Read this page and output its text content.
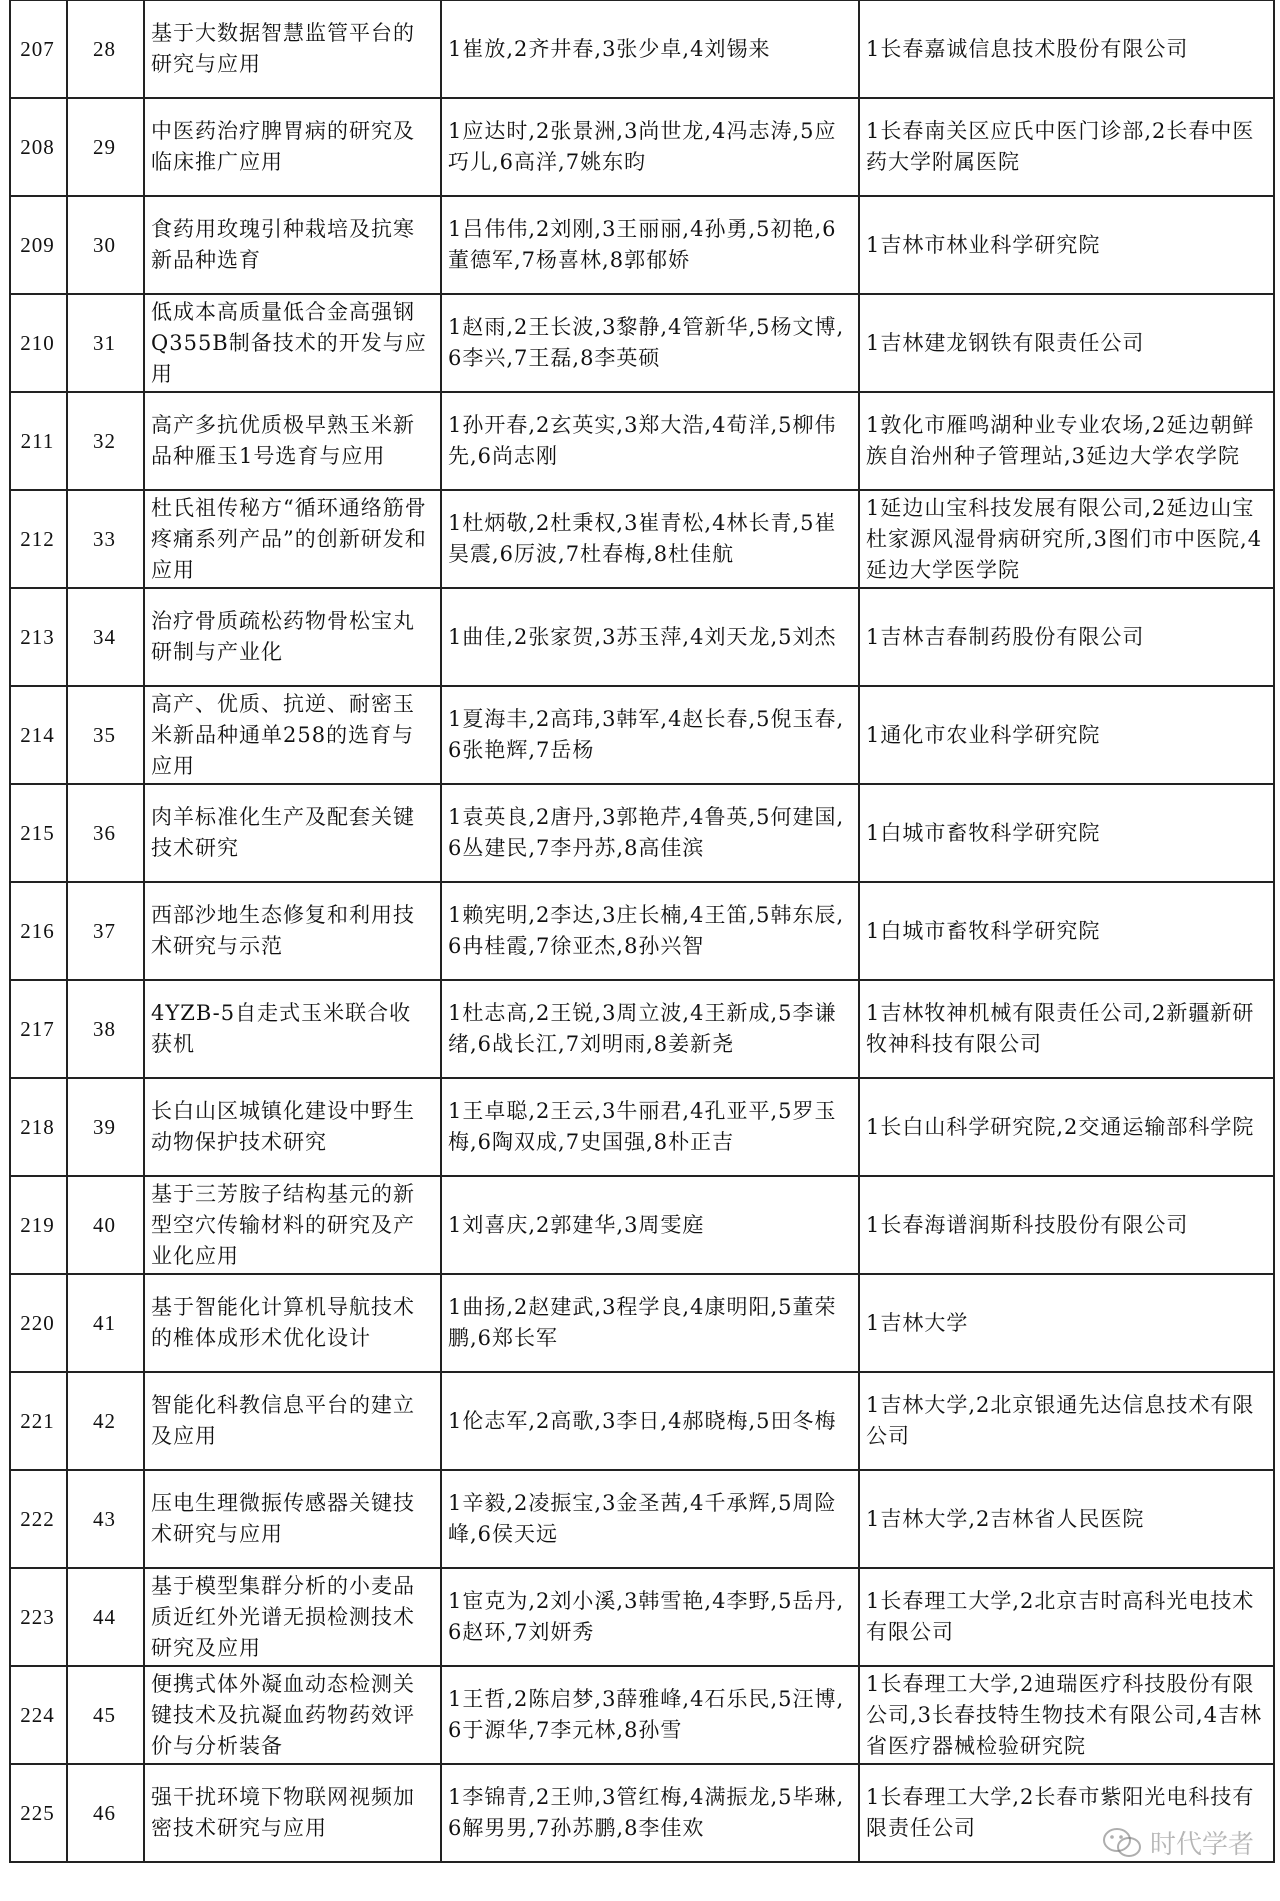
207	28	基于大数据智慧监管平台的研究与应用	1崔放,2齐井春,3张少卓,4刘锡来	1长春嘉诚信息技术股份有限公司
208	29	中医药治疗脾胃病的研究及临床推广应用	1应达时,2张景洲,3尚世龙,4冯志涛,5应巧儿,6高洋,7姚东昀	1长春南关区应氏中医门诊部,2长春中医药大学附属医院
209	30	食药用玫瑰引种栽培及抗寒新品种选育	1吕伟伟,2刘刚,3王丽丽,4孙勇,5初艳,6董德军,7杨喜林,8郭郁娇	1吉林市林业科学研究院
210	31	低成本高质量低合金高强钢Q355B制备技术的开发与应用	1赵雨,2王长波,3黎静,4管新华,5杨文博,6李兴,7王磊,8李英硕	1吉林建龙钢铁有限责任公司
211	32	高产多抗优质极早熟玉米新品种雁玉1号选育与应用	1孙开春,2玄英实,3郑大浩,4荀洋,5柳伟先,6尚志刚	1敦化市雁鸣湖种业专业农场,2延边朝鲜族自治州种子管理站,3延边大学农学院
212	33	杜氏祖传秘方“循环通络筋骨疼痛系列产品”的创新研发和应用	1杜炳敬,2杜秉权,3崔青松,4林长青,5崔昊震,6厉波,7杜春梅,8杜佳航	1延边山宝科技发展有限公司,2延边山宝杜家源风湿骨病研究所,3图们市中医院,4延边大学医学院
213	34	治疗骨质疏松药物骨松宝丸研制与产业化	1曲佳,2张家贺,3苏玉萍,4刘天龙,5刘杰	1吉林吉春制药股份有限公司
214	35	高产、优质、抗逆、耐密玉米新品种通单258的选育与应用	1夏海丰,2高玮,3韩军,4赵长春,5倪玉春,6张艳辉,7岳杨	1通化市农业科学研究院
215	36	肉羊标准化生产及配套关键技术研究	1袁英良,2唐丹,3郭艳芹,4鲁英,5何建国,6丛建民,7李丹苏,8高佳滨	1白城市畜牧科学研究院
216	37	西部沙地生态修复和利用技术研究与示范	1赖宪明,2李达,3庄长楠,4王笛,5韩东辰,6冉桂霞,7徐亚杰,8孙兴智	1白城市畜牧科学研究院
217	38	4YZB-5自走式玉米联合收获机	1杜志高,2王锐,3周立波,4王新成,5李谦绪,6战长江,7刘明雨,8姜新尧	1吉林牧神机械有限责任公司,2新疆新研牧神科技有限公司
218	39	长白山区城镇化建设中野生动物保护技术研究	1王卓聪,2王云,3牛丽君,4孔亚平,5罗玉梅,6陶双成,7史国强,8朴正吉	1长白山科学研究院,2交通运输部科学院
219	40	基于三芳胺子结构基元的新型空穴传输材料的研究及产业化应用	1刘喜庆,2郭建华,3周雯庭	1长春海谱润斯科技股份有限公司
220	41	基于智能化计算机导航技术的椎体成形术优化设计	1曲扬,2赵建武,3程学良,4康明阳,5董荣鹏,6郑长军	1吉林大学
221	42	智能化科教信息平台的建立及应用	1伦志军,2高歌,3李日,4郝晓梅,5田冬梅	1吉林大学,2北京银通先达信息技术有限公司
222	43	压电生理微振传感器关键技术研究与应用	1辛毅,2凌振宝,3金圣茜,4千承辉,5周险峰,6侯天远	1吉林大学,2吉林省人民医院
223	44	基于模型集群分析的小麦品质近红外光谱无损检测技术研究及应用	1宦克为,2刘小溪,3韩雪艳,4李野,5岳丹,6赵环,7刘妍秀	1长春理工大学,2北京吉时高科光电技术有限公司
224	45	便携式体外凝血动态检测关键技术及抗凝血药物药效评价与分析装备	1王哲,2陈启梦,3薛雅峰,4石乐民,5汪博,6于源华,7李元林,8孙雪	1长春理工大学,2迪瑞医疗科技股份有限公司,3长春技特生物技术有限公司,4吉林省医疗器械检验研究院
225	46	强干扰环境下物联网视频加密技术研究与应用	1李锦青,2王帅,3管红梅,4满振龙,5毕琳,6解男男,7孙苏鹏,8李佳欢	1长春理工大学,2长春市紫阳光电科技有限责任公司
时代学者
